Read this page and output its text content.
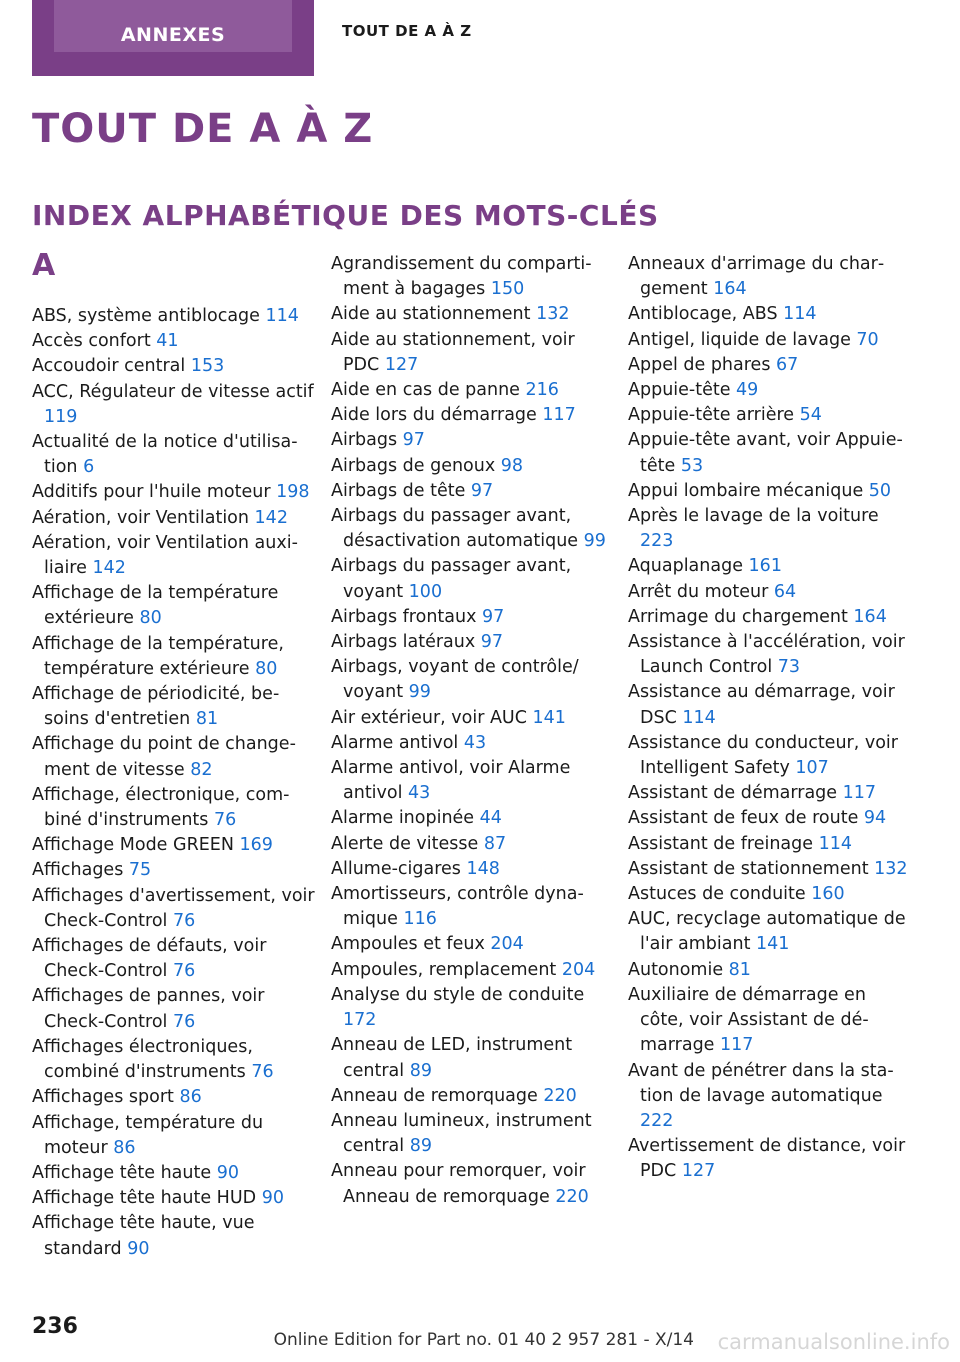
ANNEXES	TOUT DE A À Z
TOUT DE A À Z
INDEX ALPHABÉTIQUE DES MOTS-CLÉS
A
ABS, système antiblocage 114
Accès confort 41
Accoudoir central 153
ACC, Régulateur de vitesse actif 119
Actualité de la notice d'utilisation 6
Additifs pour l'huile moteur 198
Aération, voir Ventilation 142
Aération, voir Ventilation auxiliaire 142
Affichage de la température extérieure 80
Affichage de la température, température extérieure 80
Affichage de périodicité, besoins d'entretien 81
Affichage du point de changement de vitesse 82
Affichage, électronique, combiné d'instruments 76
Affichage Mode GREEN 169
Affichages 75
Affichages d'avertissement, voir Check-Control 76
Affichages de défauts, voir Check-Control 76
Affichages de pannes, voir Check-Control 76
Affichages électroniques, combiné d'instruments 76
Affichages sport 86
Affichage, température du moteur 86
Affichage tête haute 90
Affichage tête haute HUD 90
Affichage tête haute, vue standard 90
Agrandissement du compartiment à bagages 150
Aide au stationnement 132
Aide au stationnement, voir PDC 127
Aide en cas de panne 216
Aide lors du démarrage 117
Airbags 97
Airbags de genoux 98
Airbags de tête 97
Airbags du passager avant, désactivation automatique 99
Airbags du passager avant, voyant 100
Airbags frontaux 97
Airbags latéraux 97
Airbags, voyant de contrôle/ voyant 99
Air extérieur, voir AUC 141
Alarme antivol 43
Alarme antivol, voir Alarme antivol 43
Alarme inopinée 44
Alerte de vitesse 87
Allume-cigares 148
Amortisseurs, contrôle dynamique 116
Ampoules et feux 204
Ampoules, remplacement 204
Analyse du style de conduite 172
Anneau de LED, instrument central 89
Anneau de remorquage 220
Anneau lumineux, instrument central 89
Anneau pour remorquer, voir Anneau de remorquage 220
Anneaux d'arrimage du chargement 164
Antiblocage, ABS 114
Antigel, liquide de lavage 70
Appel de phares 67
Appuie-tête 49
Appuie-tête arrière 54
Appuie-tête avant, voir Appuie-tête 53
Appui lombaire mécanique 50
Après le lavage de la voiture 223
Aquaplanage 161
Arrêt du moteur 64
Arrimage du chargement 164
Assistance à l'accélération, voir Launch Control 73
Assistance au démarrage, voir DSC 114
Assistance du conducteur, voir Intelligent Safety 107
Assistant de démarrage 117
Assistant de feux de route 94
Assistant de freinage 114
Assistant de stationnement 132
Astuces de conduite 160
AUC, recyclage automatique de l'air ambiant 141
Autonomie 81
Auxiliaire de démarrage en côte, voir Assistant de démarrage 117
Avant de pénétrer dans la station de lavage automatique 222
Avertissement de distance, voir PDC 127
236
Online Edition for Part no. 01 40 2 957 281 - X/14 carmanualsonline.info
